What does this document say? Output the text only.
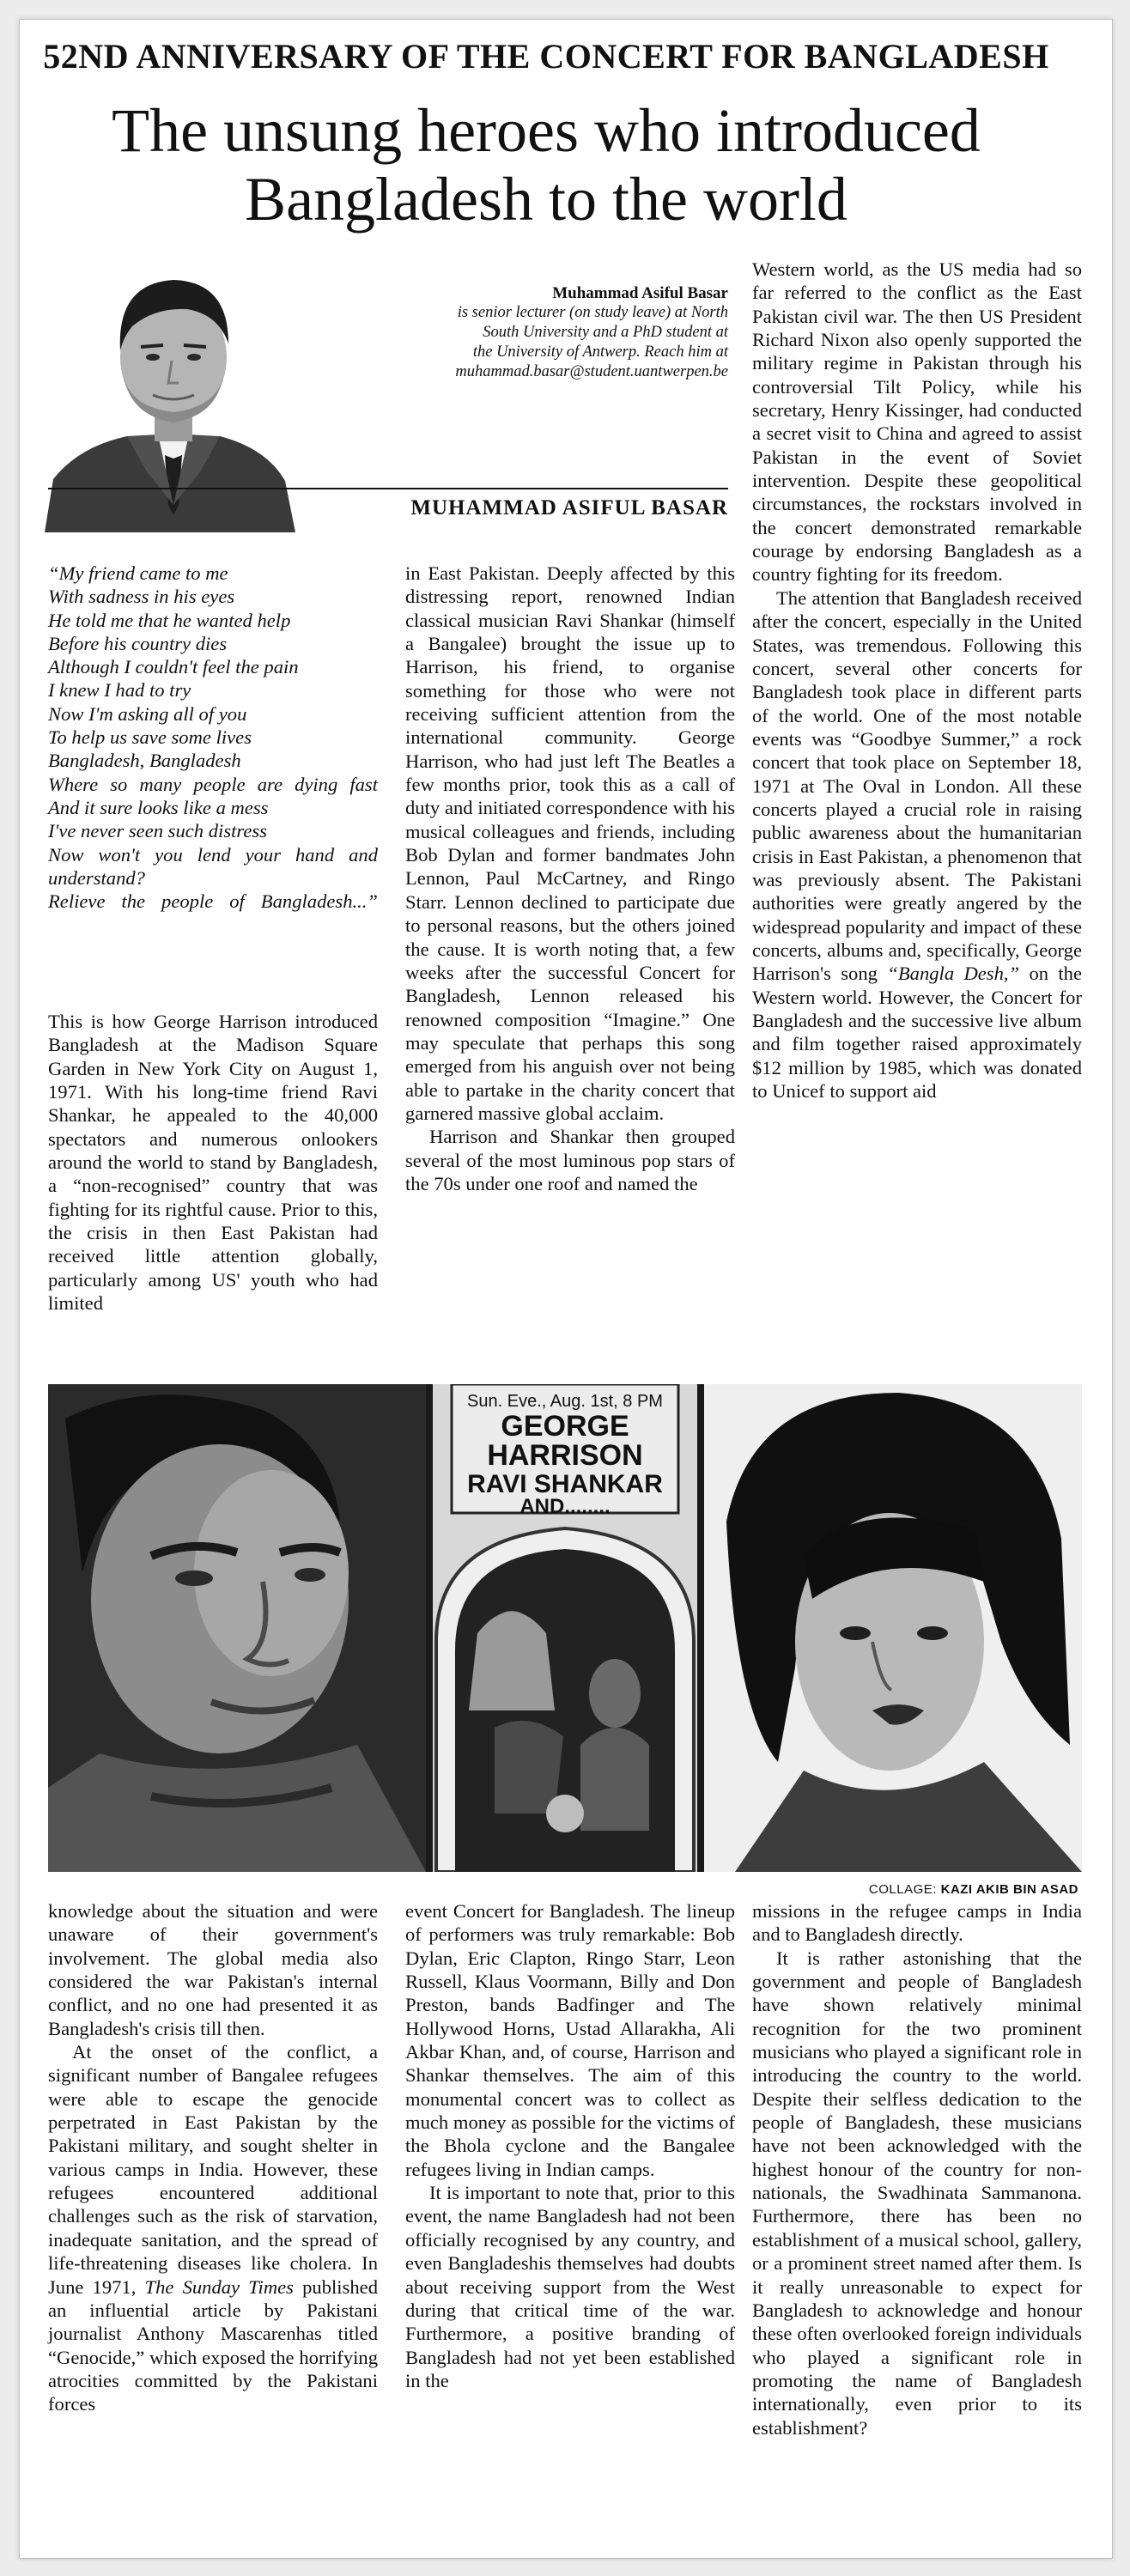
52ND ANNIVERSARY OF THE CONCERT FOR BANGLADESH
The unsung heroes who introduced
Bangladesh to the world
Muhammad Asiful Basar
is senior lecturer (on study leave) at North
South University and a PhD student at
the University of Antwerp. Reach him at
muhammad.basar@student.uantwerpen.be
MUHAMMAD ASIFUL BASAR
“My friend came to me
With sadness in his eyes
He told me that he wanted help
Before his country dies
Although I couldn't feel the pain
I knew I had to try
Now I'm asking all of you
To help us save some lives
Bangladesh, Bangladesh
Where so many people are dying fast
And it sure looks like a mess
I've never seen such distress
Now won't you lend your hand and understand?
Relieve the people of Bangladesh...”

This is how George Harrison introduced Bangladesh at the Madison Square Garden in New York City on August 1, 1971. With his long-time friend Ravi Shankar, he appealed to the 40,000 spectators and numerous onlookers around the world to stand by Bangladesh, a “non-recognised” country that was fighting for its rightful cause. Prior to this, the crisis in then East Pakistan had received little attention globally, particularly among US' youth who had limited

in East Pakistan. Deeply affected by this distressing report, renowned Indian classical musician Ravi Shankar (himself a Bangalee) brought the issue up to Harrison, his friend, to organise something for those who were not receiving sufficient attention from the international community. George Harrison, who had just left The Beatles a few months prior, took this as a call of duty and initiated correspondence with his musical colleagues and friends, including Bob Dylan and former bandmates John Lennon, Paul McCartney, and Ringo Starr. Lennon declined to participate due to personal reasons, but the others joined the cause. It is worth noting that, a few weeks after the successful Concert for Bangladesh, Lennon released his renowned composition “Imagine.” One may speculate that perhaps this song emerged from his anguish over not being able to partake in the charity concert that garnered massive global acclaim.

Harrison and Shankar then grouped several of the most luminous pop stars of the 70s under one roof and named the

Western world, as the US media had so far referred to the conflict as the East Pakistan civil war. The then US President Richard Nixon also openly supported the military regime in Pakistan through his controversial Tilt Policy, while his secretary, Henry Kissinger, had conducted a secret visit to China and agreed to assist Pakistan in the event of Soviet intervention. Despite these geopolitical circumstances, the rockstars involved in the concert demonstrated remarkable courage by endorsing Bangladesh as a country fighting for its freedom.

The attention that Bangladesh received after the concert, especially in the United States, was tremendous. Following this concert, several other concerts for Bangladesh took place in different parts of the world. One of the most notable events was “Goodbye Summer,” a rock concert that took place on September 18, 1971 at The Oval in London. All these concerts played a crucial role in raising public awareness about the humanitarian crisis in East Pakistan, a phenomenon that was previously absent. The Pakistani authorities were greatly angered by the widespread popularity and impact of these concerts, albums and, specifically, George Harrison's song “Bangla Desh,” on the Western world. However, the Concert for Bangladesh and the successive live album and film together raised approximately $12 million by 1985, which was donated to Unicef to support aid

Sun. Eve., Aug. 1st, 8 PM
GEORGE
HARRISON
RAVI SHANKAR
AND........
COLLAGE: KAZI AKIB BIN ASAD

knowledge about the situation and were unaware of their government's involvement. The global media also considered the war Pakistan's internal conflict, and no one had presented it as Bangladesh's crisis till then.

At the onset of the conflict, a significant number of Bangalee refugees were able to escape the genocide perpetrated in East Pakistan by the Pakistani military, and sought shelter in various camps in India. However, these refugees encountered additional challenges such as the risk of starvation, inadequate sanitation, and the spread of life-threatening diseases like cholera. In June 1971, The Sunday Times published an influential article by Pakistani journalist Anthony Mascarenhas titled “Genocide,” which exposed the horrifying atrocities committed by the Pakistani forces

event Concert for Bangladesh. The lineup of performers was truly remarkable: Bob Dylan, Eric Clapton, Ringo Starr, Leon Russell, Klaus Voormann, Billy and Don Preston, bands Badfinger and The Hollywood Horns, Ustad Allarakha, Ali Akbar Khan, and, of course, Harrison and Shankar themselves. The aim of this monumental concert was to collect as much money as possible for the victims of the Bhola cyclone and the Bangalee refugees living in Indian camps.

It is important to note that, prior to this event, the name Bangladesh had not been officially recognised by any country, and even Bangladeshis themselves had doubts about receiving support from the West during that critical time of the war. Furthermore, a positive branding of Bangladesh had not yet been established in the

missions in the refugee camps in India and to Bangladesh directly.

It is rather astonishing that the government and people of Bangladesh have shown relatively minimal recognition for the two prominent musicians who played a significant role in introducing the country to the world. Despite their selfless dedication to the people of Bangladesh, these musicians have not been acknowledged with the highest honour of the country for non-nationals, the Swadhinata Sammanona. Furthermore, there has been no establishment of a musical school, gallery, or a prominent street named after them. Is it really unreasonable to expect for Bangladesh to acknowledge and honour these often overlooked foreign individuals who played a significant role in promoting the name of Bangladesh internationally, even prior to its establishment?
